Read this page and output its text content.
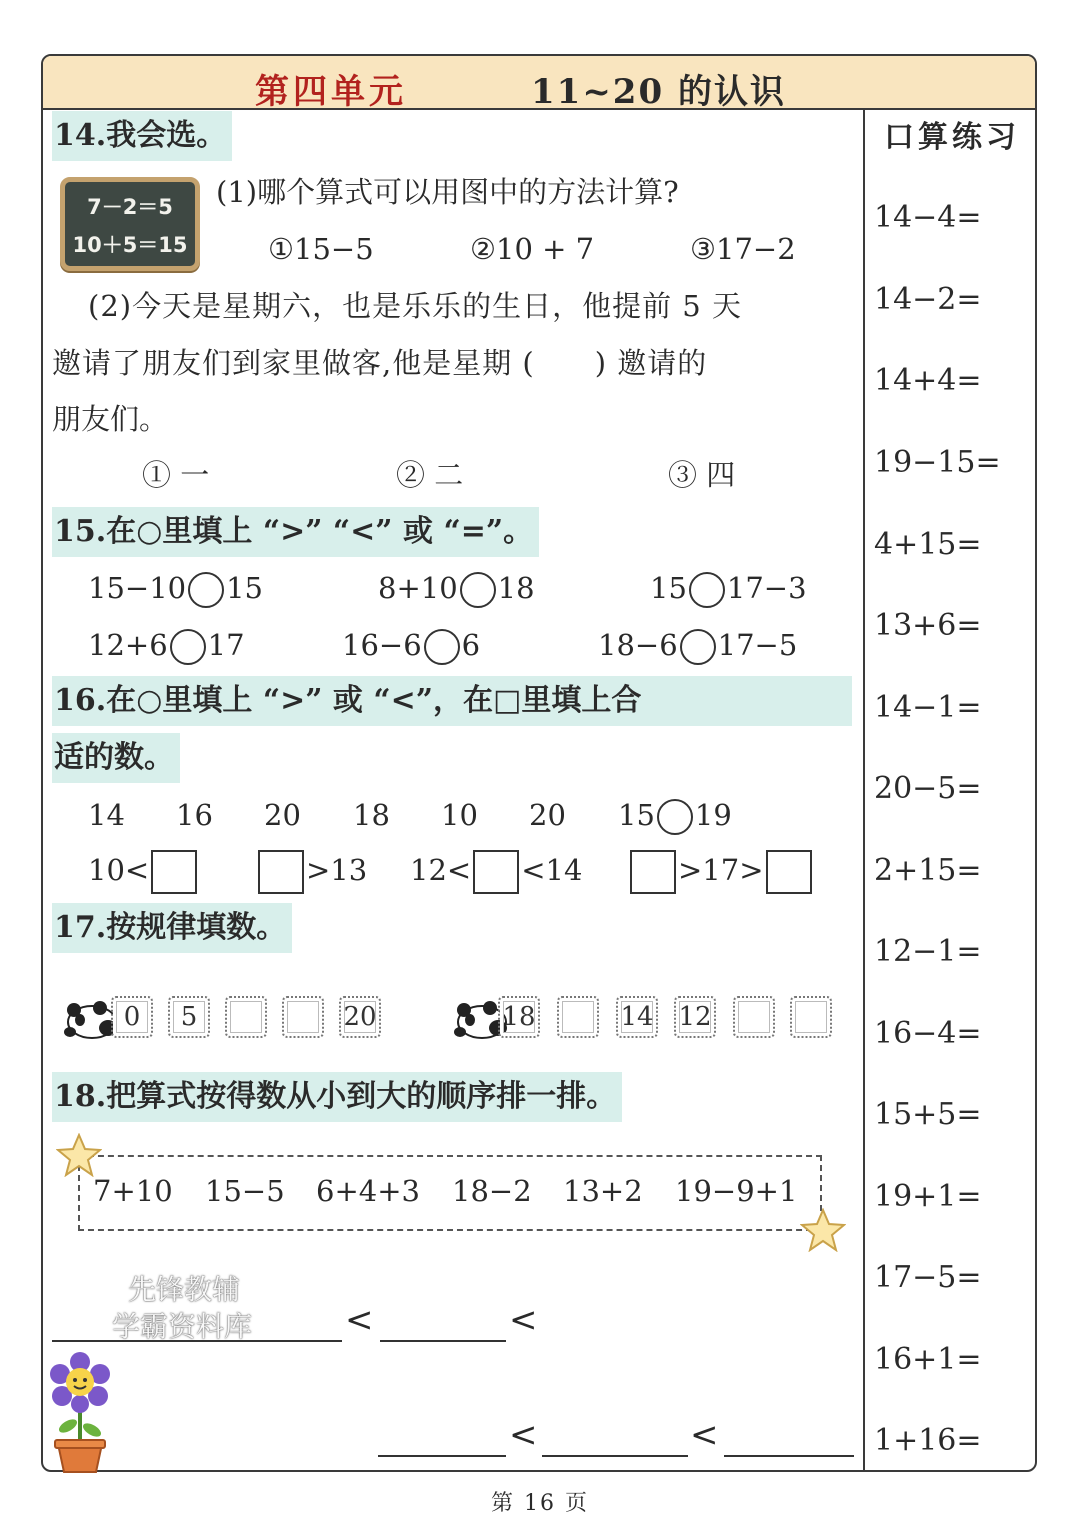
第四单元	11~20 的认识
14.我会选。
7－2＝5
10＋5＝15
(1)哪个算式可以用图中的方法计算?
①15−5	②10 + 7	③17−2
(2)今天是星期六，也是乐乐的生日，他提前 5 天
邀请了朋友们到家里做客,他是星期 (　　) 邀请的
朋友们。
① 一	② 二	③ 四
15.在○里填上 “>” “<” 或 “=”。
15−10 15	8+10 18	15 17−3
12+6 17	16−6 6	18−6 17−5
16.在○里填上 “>” 或 “<”，在□里填上合
适的数。
14 16 20 18 10 20 15 19
10<	>13 12< <14	>17>
17.按规律填数。
0	5	20	18	14 12
18.把算式按得数从小到大的顺序排一排。
7+10 15−5 6+4+3 18−2 13+2 19−9+1
先锋教辅
<	<
学霸资料库
<	<
口算练习
14−4=
14−2=
14+4=
19−15=
4+15=
13+6=
14−1=
20−5=
2+15=
12−1=
16−4=
15+5=
19+1=
17−5=
16+1=
1+16=
第 16 页
